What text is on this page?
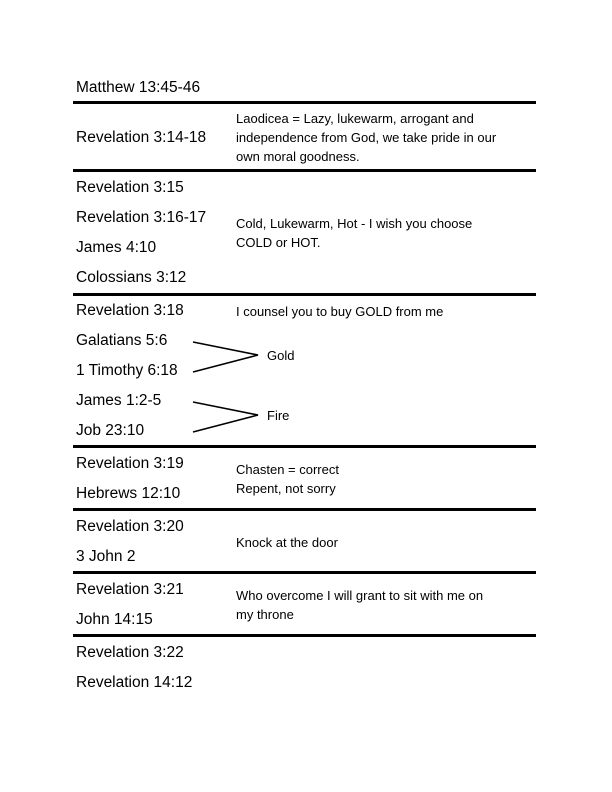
Matthew 13:45-46
Revelation 3:14-18
Laodicea = Lazy, lukewarm, arrogant and
independence from God, we take pride in our
own moral goodness.
Revelation 3:15
Revelation 3:16-17
James 4:10
Colossians 3:12
Cold, Lukewarm, Hot - I wish you choose
COLD or HOT.
Revelation 3:18
Galatians 5:6
1 Timothy 6:18
James 1:2-5
Job 23:10
I counsel you to buy GOLD from me
Gold
Fire
Revelation 3:19
Hebrews 12:10
Chasten = correct
Repent, not sorry
Revelation 3:20
3 John 2
Knock at the door
Revelation 3:21
John 14:15
Who overcome I will grant to sit with me on
my throne
Revelation 3:22
Revelation 14:12
